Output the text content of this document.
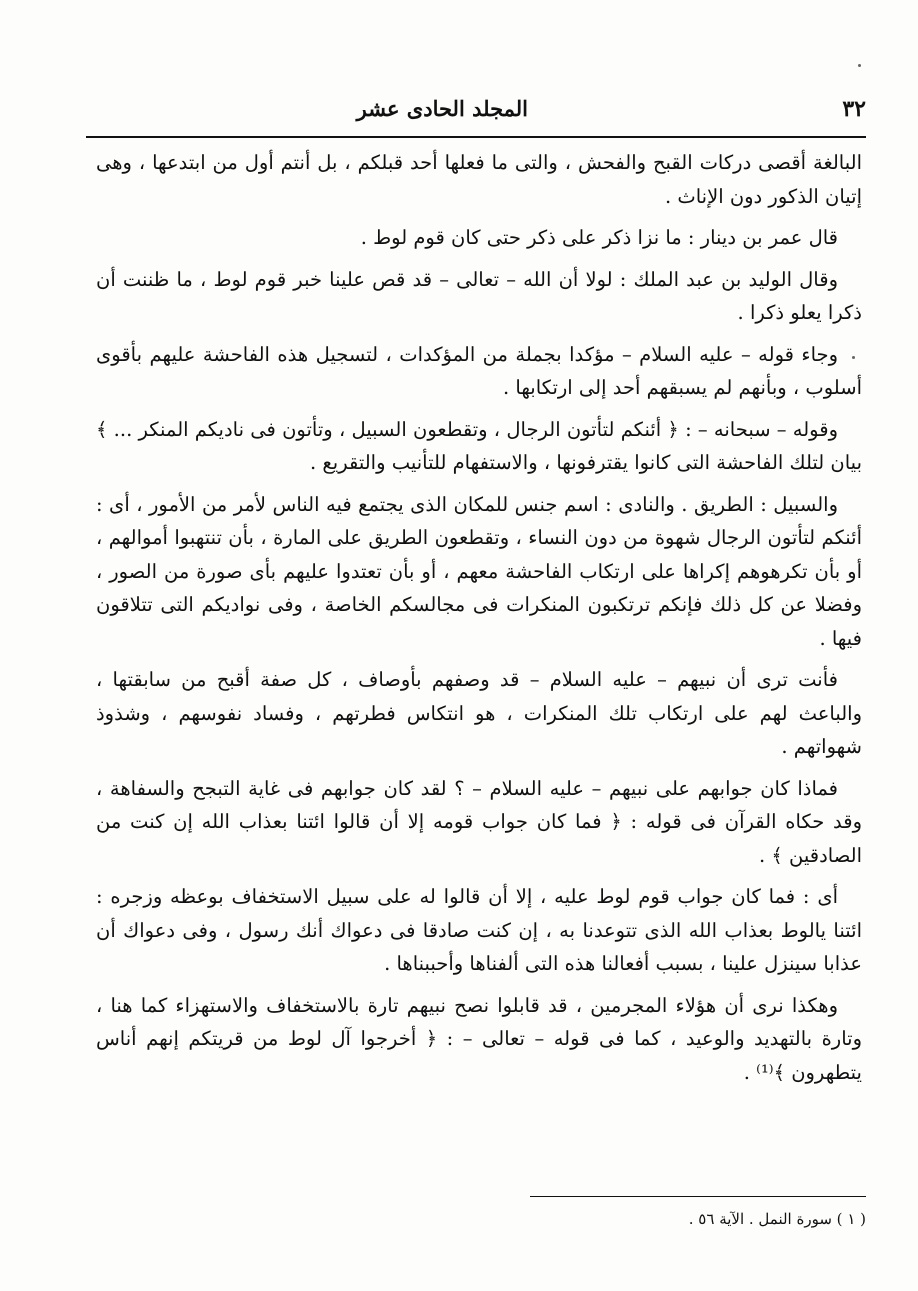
٣٢
المجلد الحادى عشر

البالغة أقصى دركات القبح والفحش ، والتى ما فعلها أحد قبلكم ، بل أنتم أول من ابتدعها ، وهى إتيان الذكور دون الإناث .

قال عمر بن دينار : ما نزا ذكر على ذكر حتى كان قوم لوط .

وقال الوليد بن عبد الملك : لولا أن الله – تعالى – قد قص علينا خبر قوم لوط ، ما ظننت أن ذكرا يعلو ذكرا .

وجاء قوله – عليه السلام – مؤكدا بجملة من المؤكدات ، لتسجيل هذه الفاحشة عليهم بأقوى أسلوب ، وبأنهم لم يسبقهم أحد إلى ارتكابها .

وقوله – سبحانه – : ﴿ أئنكم لتأتون الرجال ، وتقطعون السبيل ، وتأتون فى ناديكم المنكر ... ﴾ بيان لتلك الفاحشة التى كانوا يقترفونها ، والاستفهام للتأنيب والتقريع .

والسبيل : الطريق . والنادى : اسم جنس للمكان الذى يجتمع فيه الناس لأمر من الأمور ، أى : أئنكم لتأتون الرجال شهوة من دون النساء ، وتقطعون الطريق على المارة ، بأن تنتهبوا أموالهم ، أو بأن تكرهوهم إكراها على ارتكاب الفاحشة معهم ، أو بأن تعتدوا عليهم بأى صورة من الصور ، وفضلا عن كل ذلك فإنكم ترتكبون المنكرات فى مجالسكم الخاصة ، وفى نواديكم التى تتلاقون فيها .

فأنت ترى أن نبيهم – عليه السلام – قد وصفهم بأوصاف ، كل صفة أقبح من سابقتها ، والباعث لهم على ارتكاب تلك المنكرات ، هو انتكاس فطرتهم ، وفساد نفوسهم ، وشذوذ شهواتهم .

فماذا كان جوابهم على نبيهم – عليه السلام – ؟ لقد كان جوابهم فى غاية التبجح والسفاهة ، وقد حكاه القرآن فى قوله : ﴿ فما كان جواب قومه إلا أن قالوا ائتنا بعذاب الله إن كنت من الصادقين ﴾ .

أى : فما كان جواب قوم لوط عليه ، إلا أن قالوا له على سبيل الاستخفاف بوعظه وزجره : ائتنا يالوط بعذاب الله الذى تتوعدنا به ، إن كنت صادقا فى دعواك أنك رسول ، وفى دعواك أن عذابا سينزل علينا ، بسبب أفعالنا هذه التى ألفناها وأحببناها .

وهكذا نرى أن هؤلاء المجرمين ، قد قابلوا نصح نبيهم تارة بالاستخفاف والاستهزاء كما هنا ، وتارة بالتهديد والوعيد ، كما فى قوله – تعالى – : ﴿ أخرجوا آل لوط من قريتكم إنهم أناس يتطهرون ﴾⁽¹⁾ .

( ١ ) سورة النمل . الآية ٥٦ .
